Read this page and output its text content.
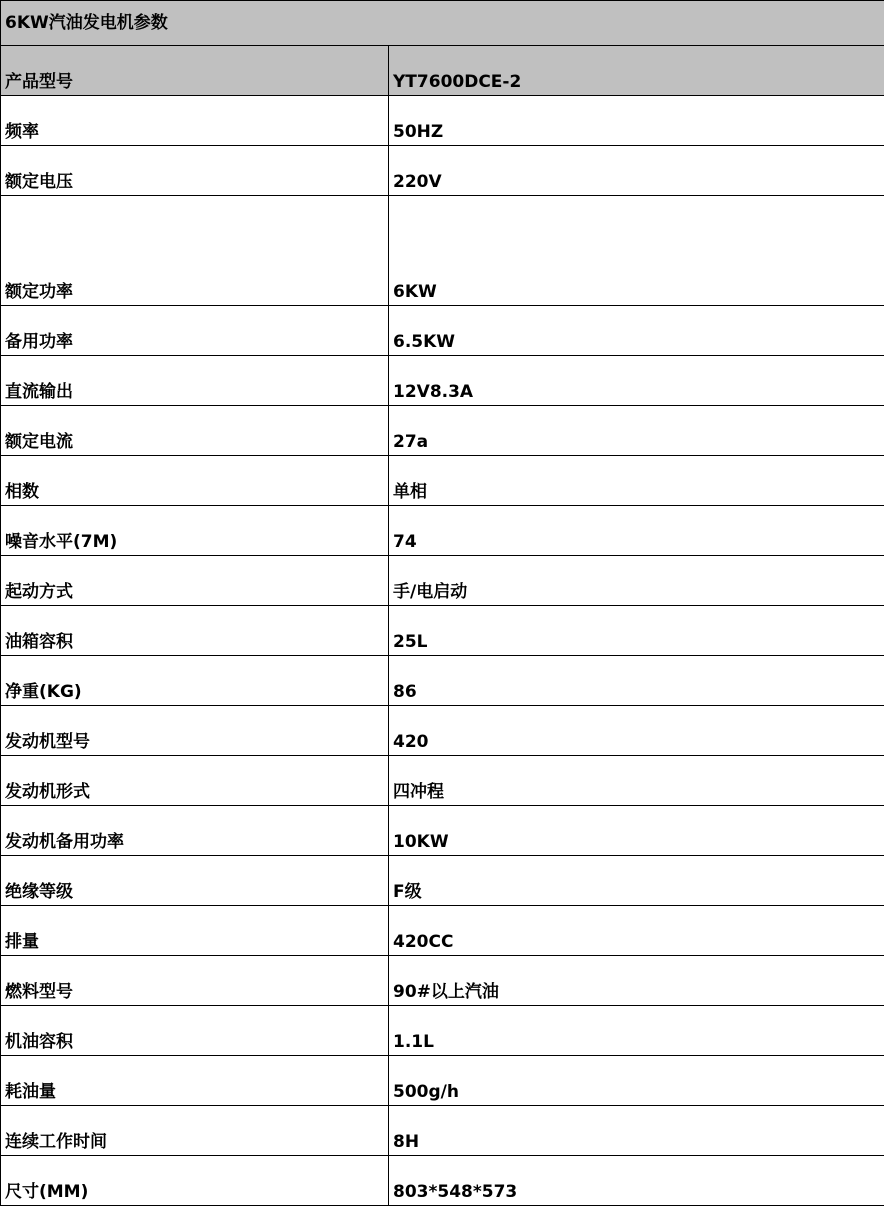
6KW汽油发电机参数	
产品型号	YT7600DCE-2
频率	50HZ
额定电压	220V
额定功率	6KW
备用功率	6.5KW
直流输出	12V8.3A
额定电流	27a
相数	单相
噪音水平(7M)	74
起动方式	手/电启动
油箱容积	25L
净重(KG)	86
发动机型号	420
发动机形式	四冲程
发动机备用功率	10KW
绝缘等级	F级
排量	420CC
燃料型号	90#以上汽油
机油容积	1.1L
耗油量	500g/h
连续工作时间	8H
尺寸(MM)	803*548*573
